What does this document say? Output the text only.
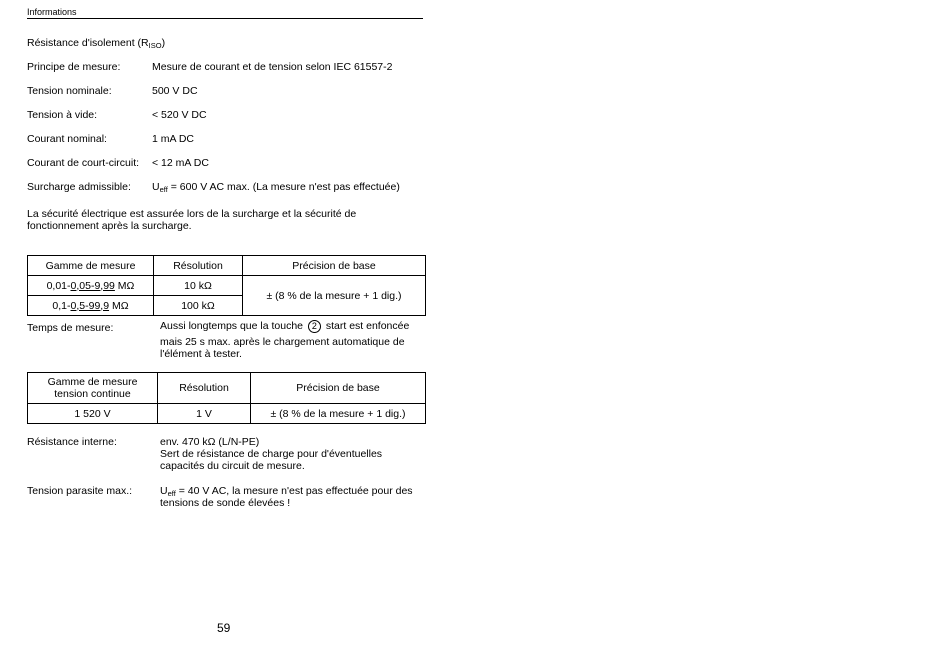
Informations
Résistance d'isolement $(R_{ISO})$
Principe de mesure:	Mesure de courant et de tension selon IEC 61557-2
Tension nominale:	500 V DC
Tension à vide:	< 520 V DC
Courant nominal:	1 mA DC
Courant de court-circuit: < 12 mA DC
Surcharge admissible: $U_{eff} = 600$ V AC max. (La mesure n'est pas effectuée)
La sécurité électrique est assurée lors de la surcharge et la sécurité de fonctionnement après la surcharge.
Gamme de mesure	Résolution	Précision de base
0,01-0,05-9,99 MΩ	10 kΩ	± (8 % de la mesure + 1 dig.)
0,1-0,5-99,9 MΩ	100 kΩ	
Temps de mesure:	Aussi longtemps que la touche 2 start est enfoncée
mais 25 s max. après le chargement automatique de
l'élément à tester.
Gamme de mesure
tension continue	Résolution	Précision de base
1 520 V	1 V	± (8 % de la mesure + 1 dig.)
Résistance interne:	env. 470 kΩ (L/N-PE)
Sert de résistance de charge pour d'éventuelles
capacités du circuit de mesure.
Tension parasite max.:	$U_{eff} = 40$ V AC, la mesure n'est pas effectuée pour des
tensions de sonde élevées !
59
